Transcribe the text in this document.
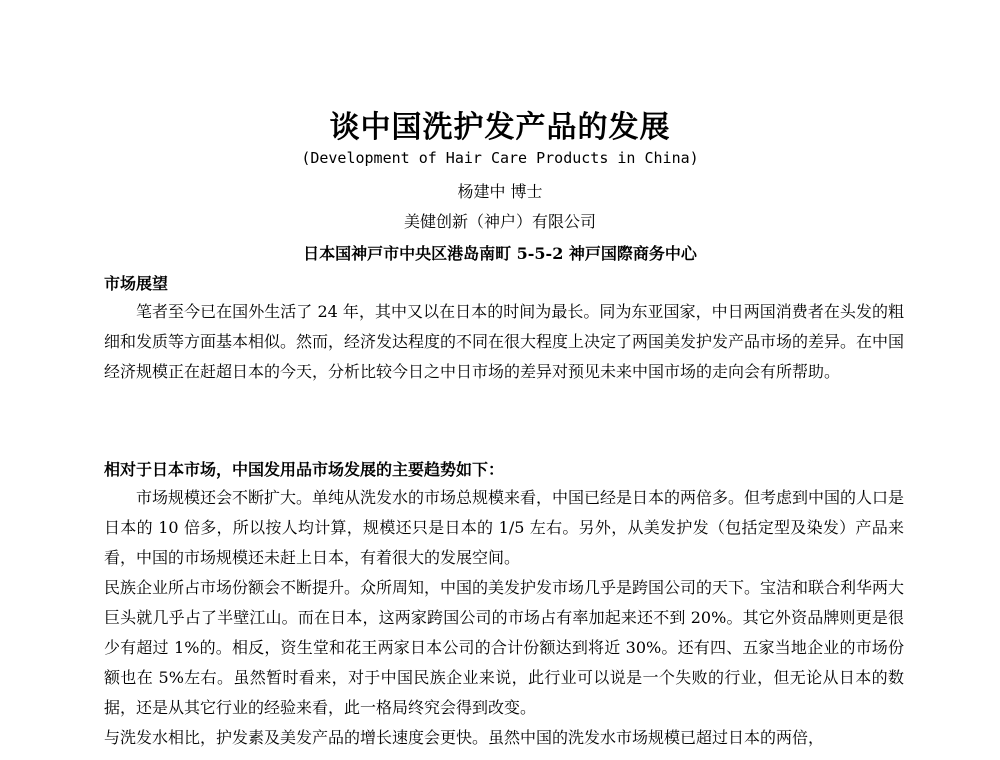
谈中国洗护发产品的发展
(Development of Hair Care Products in China)
杨建中 博士
美健创新（神户）有限公司
日本国神戸市中央区港岛南町 5-5-2 神戸国際商务中心
市场展望

笔者至今已在国外生活了 24 年，其中又以在日本的时间为最长。同为东亚国家，中日两国消费者在头发的粗细和发质等方面基本相似。然而，经济发达程度的不同在很大程度上决定了两国美发护发产品市场的差异。在中国经济规模正在赶超日本的今天，分析比较今日之中日市场的差异对预见未来中国市场的走向会有所帮助。

相对于日本市场，中国发用品市场发展的主要趋势如下：

市场规模还会不断扩大。单纯从洗发水的市场总规模来看，中国已经是日本的两倍多。但考虑到中国的人口是日本的 10 倍多，所以按人均计算，规模还只是日本的 1/5 左右。另外，从美发护发（包括定型及染发）产品来看，中国的市场规模还未赶上日本，有着很大的发展空间。

民族企业所占市场份额会不断提升。众所周知，中国的美发护发市场几乎是跨国公司的天下。宝洁和联合利华两大巨头就几乎占了半壁江山。而在日本，这两家跨国公司的市场占有率加起来还不到 20%。其它外资品牌则更是很少有超过 1%的。相反，资生堂和花王两家日本公司的合计份额达到将近 30%。还有四、五家当地企业的市场份额也在 5%左右。虽然暂时看来，对于中国民族企业来说，此行业可以说是一个失败的行业，但无论从日本的数据，还是从其它行业的经验来看，此一格局终究会得到改变。

与洗发水相比，护发素及美发产品的增长速度会更快。虽然中国的洗发水市场规模已超过日本的两倍，
